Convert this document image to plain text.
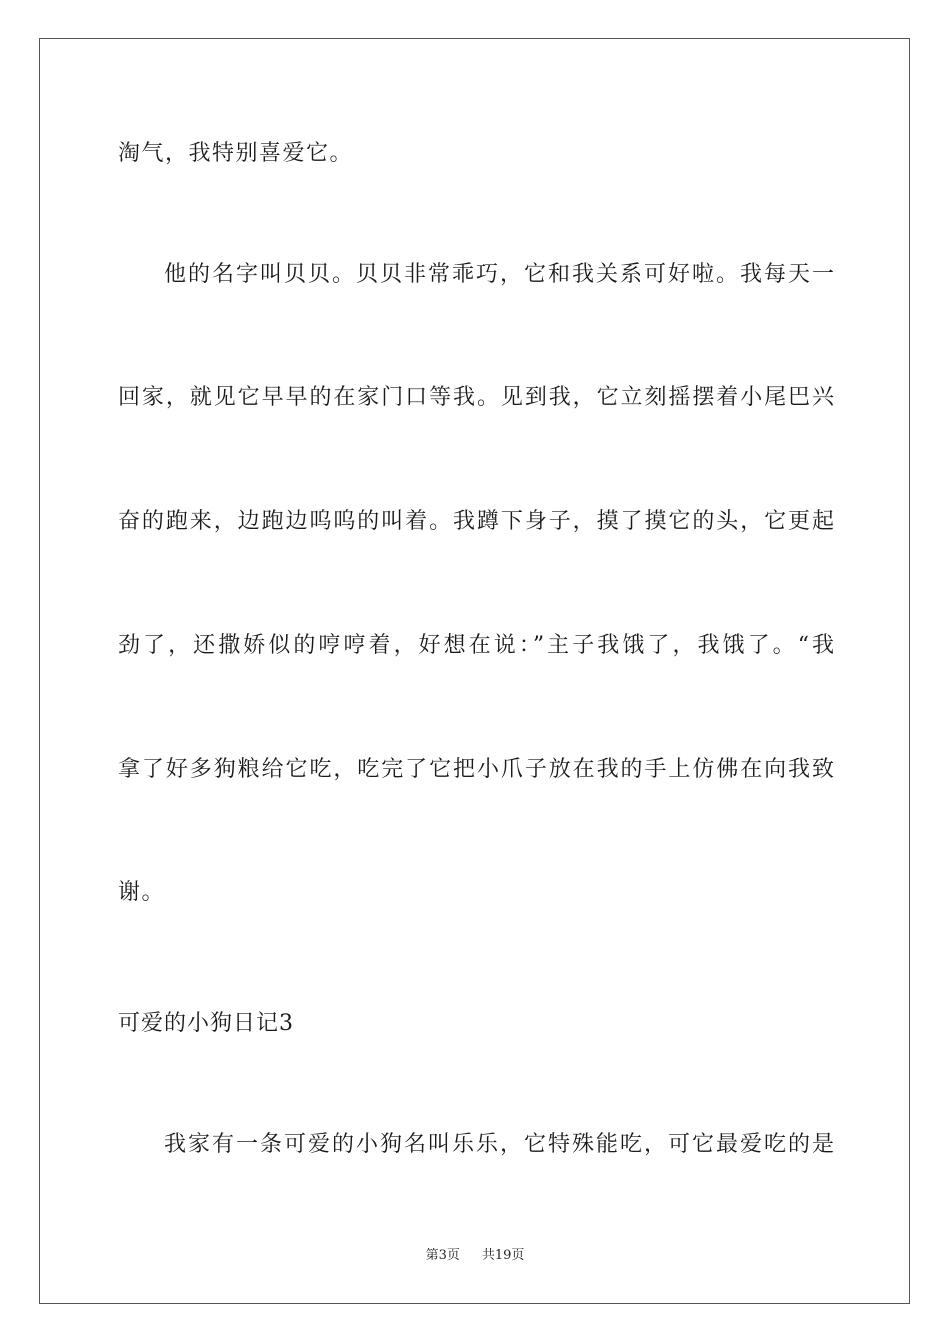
淘气，我特别喜爱它。
他的名字叫贝贝。贝贝非常乖巧，它和我关系可好啦。我每天一
回家，就见它早早的在家门口等我。见到我，它立刻摇摆着小尾巴兴
奋的跑来，边跑边呜呜的叫着。我蹲下身子，摸了摸它的头，它更起
劲了，还撒娇似的哼哼着，好想在说：”主子我饿了，我饿了。“我
拿了好多狗粮给它吃，吃完了它把小爪子放在我的手上仿佛在向我致
谢。
可爱的小狗日记3
我家有一条可爱的小狗名叫乐乐，它特殊能吃，可它最爱吃的是
第3页 共19页
